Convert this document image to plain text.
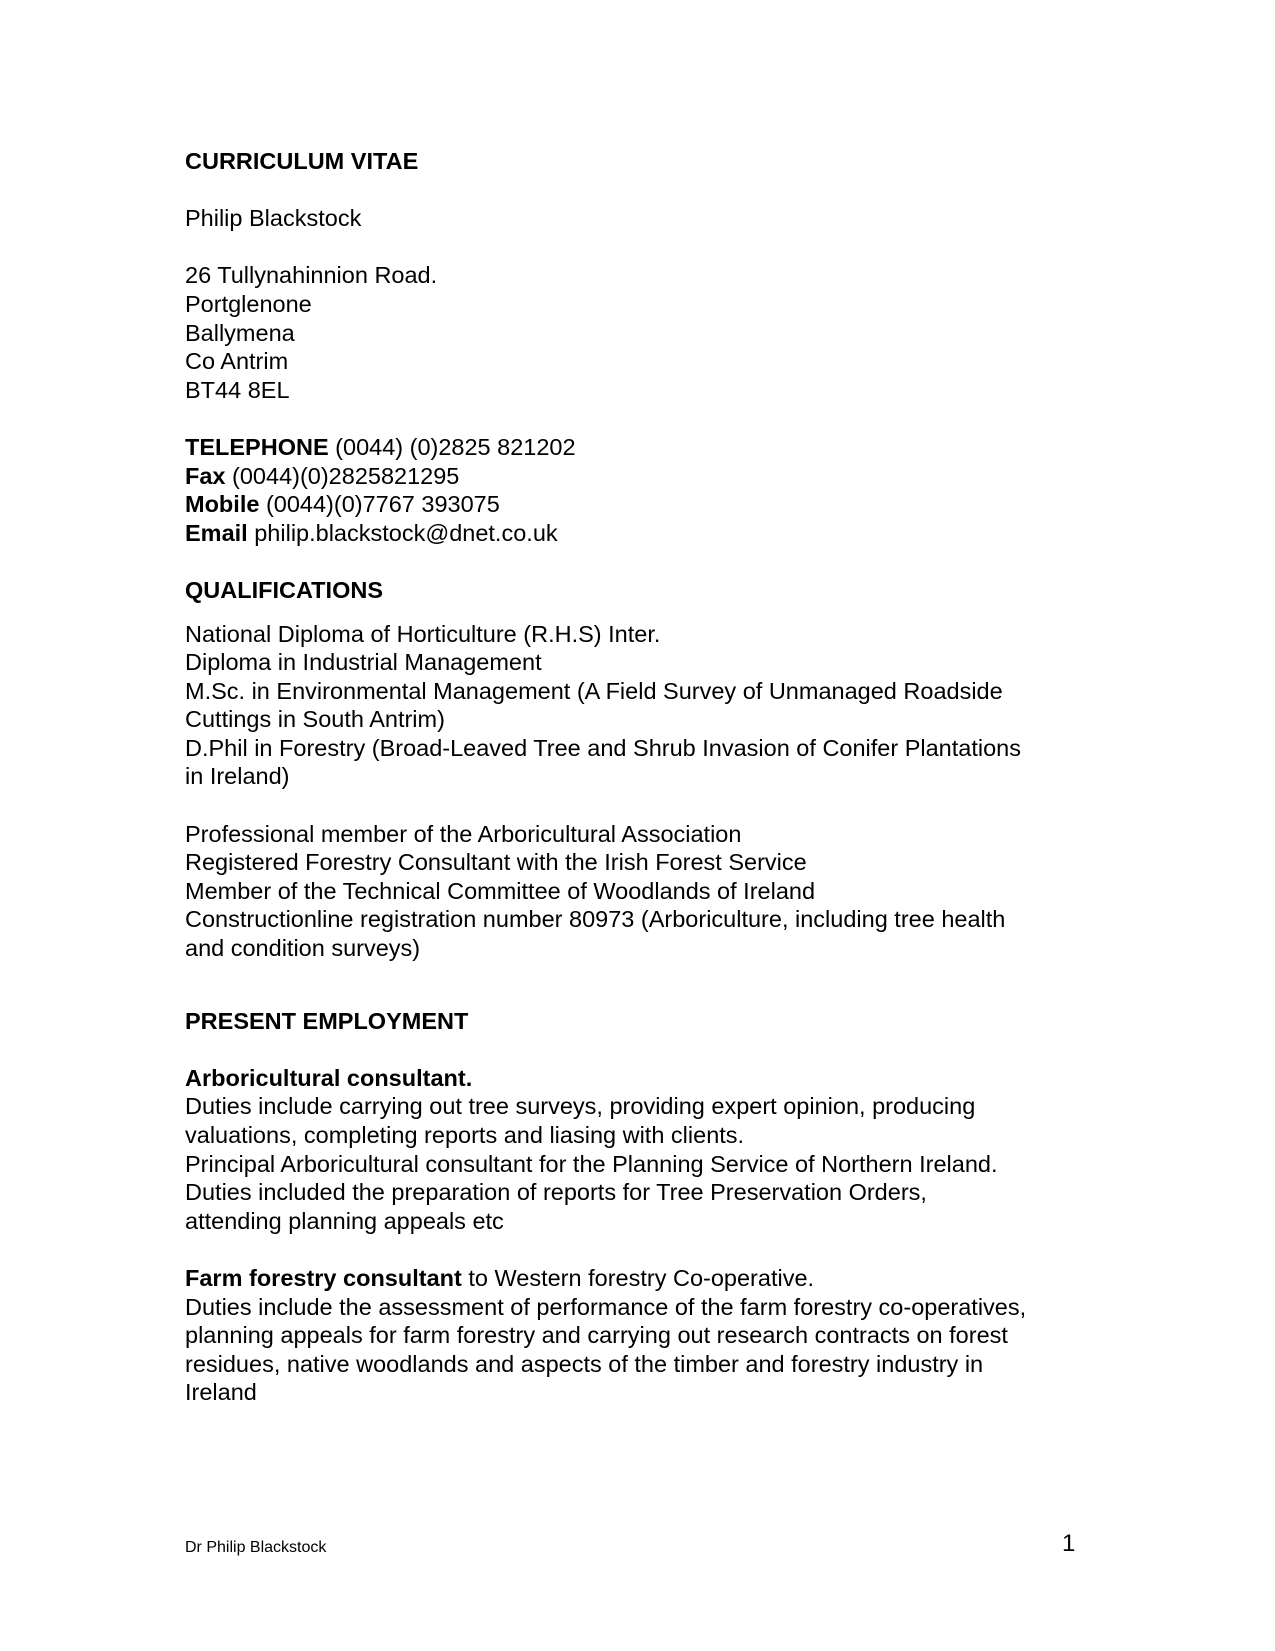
CURRICULUM VITAE
Philip Blackstock
26 Tullynahinnion Road.
Portglenone
Ballymena
Co Antrim
BT44 8EL
TELEPHONE (0044) (0)2825 821202
Fax (0044)(0)2825821295
Mobile (0044)(0)7767 393075
Email philip.blackstock@dnet.co.uk
QUALIFICATIONS
National Diploma of Horticulture (R.H.S) Inter.
Diploma in Industrial Management
M.Sc. in Environmental Management (A Field Survey of Unmanaged Roadside
Cuttings in South Antrim)
D.Phil in Forestry (Broad-Leaved Tree and Shrub Invasion of Conifer Plantations
in Ireland)
Professional member of the Arboricultural Association
Registered Forestry Consultant with the Irish Forest Service
Member of the Technical Committee of Woodlands of Ireland
Constructionline registration number 80973 (Arboriculture, including tree health
and condition surveys)
PRESENT EMPLOYMENT
Arboricultural consultant.
Duties include carrying out tree surveys, providing expert opinion, producing
valuations, completing reports and liasing with clients.
Principal Arboricultural consultant for the Planning Service of Northern Ireland.
Duties included the preparation of reports for Tree Preservation Orders,
attending planning appeals etc
Farm forestry consultant to Western forestry Co-operative.
Duties include the assessment of performance of the farm forestry co-operatives,
planning appeals for farm forestry and carrying out research contracts on forest
residues, native woodlands and aspects of the timber and forestry industry in
Ireland
Dr Philip Blackstock	1
